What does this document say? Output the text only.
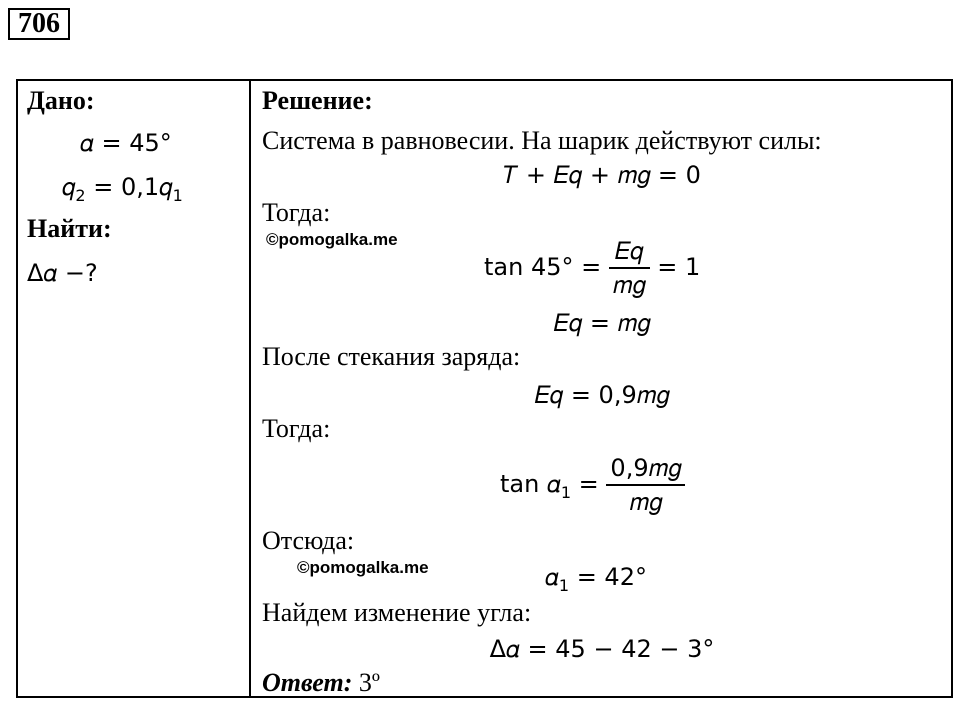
706
Дано:
𝛼 = 45°
𝑞$_2$ = 0,1𝑞$_1$
Найти:
Δ𝛼 −?
Решение:
Система в равновесии. На шарик действуют силы:
𝑇 + 𝐸𝑞 + 𝑚𝑔 = 0
Тогда:
©pomogalka.me
$\tan 45^\circ = \frac{\text{𝐸𝑞}}{\text{𝑚𝑔}} = 1$
𝐸𝑞 = 𝑚𝑔
После стекания заряда:
𝐸𝑞 = 0,9𝑚𝑔
Тогда:
tan 𝛼$_1$ = $\frac{\text{0,9𝑚𝑔}}{\text{𝑚𝑔}}$
Отсюда:
©pomogalka.me	𝛼$_1$ = 42°
Найдем изменение угла:
Δ𝛼 = 45 − 42 − 3°
Ответ: 3º
